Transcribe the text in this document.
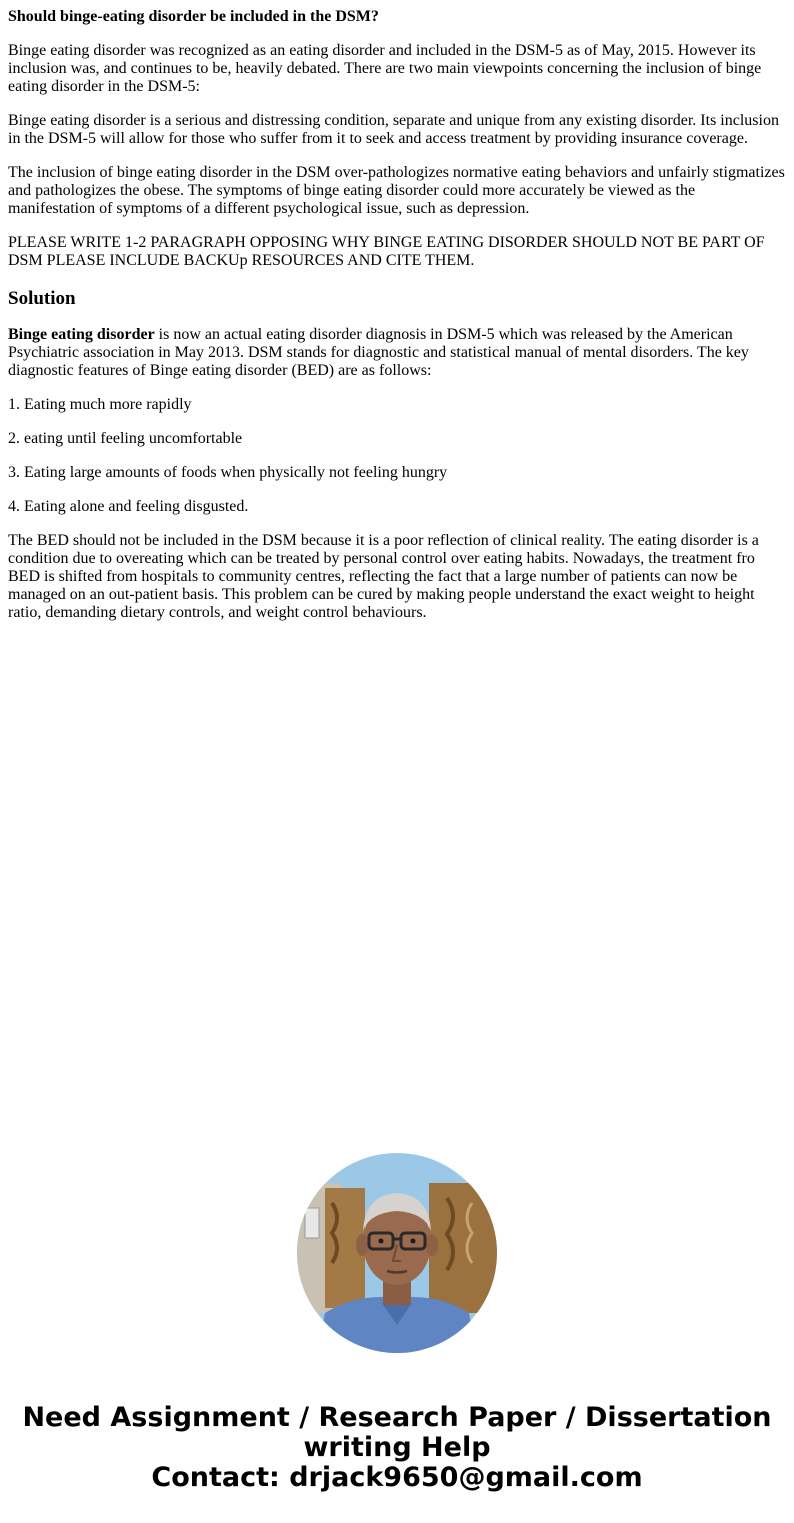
Should binge-eating disorder be included in the DSM?

Binge eating disorder was recognized as an eating disorder and included in the DSM-5 as of May, 2015. However its inclusion was, and continues to be, heavily debated. There are two main viewpoints concerning the inclusion of binge eating disorder in the DSM-5:

Binge eating disorder is a serious and distressing condition, separate and unique from any existing disorder. Its inclusion in the DSM-5 will allow for those who suffer from it to seek and access treatment by providing insurance coverage.

The inclusion of binge eating disorder in the DSM over-pathologizes normative eating behaviors and unfairly stigmatizes and pathologizes the obese. The symptoms of binge eating disorder could more accurately be viewed as the manifestation of symptoms of a different psychological issue, such as depression.

PLEASE WRITE 1-2 PARAGRAPH OPPOSING WHY BINGE EATING DISORDER SHOULD NOT BE PART OF DSM PLEASE INCLUDE BACKUp RESOURCES AND CITE THEM.

Solution

Binge eating disorder is now an actual eating disorder diagnosis in DSM-5 which was released by the American Psychiatric association in May 2013. DSM stands for diagnostic and statistical manual of mental disorders. The key diagnostic features of Binge eating disorder (BED) are as follows:

1. Eating much more rapidly

2. eating until feeling uncomfortable

3. Eating large amounts of foods when physically not feeling hungry

4. Eating alone and feeling disgusted.

The BED should not be included in the DSM because it is a poor reflection of clinical reality. The eating disorder is a condition due to overeating which can be treated by personal control over eating habits. Nowadays, the treatment fro BED is shifted from hospitals to community centres, reflecting the fact that a large number of patients can now be managed on an out-patient basis. This problem can be cured by making people understand the exact weight to height ratio, demanding dietary controls, and weight control behaviours.

Need Assignment / Research Paper / Dissertation
writing Help
Contact: drjack9650@gmail.com
